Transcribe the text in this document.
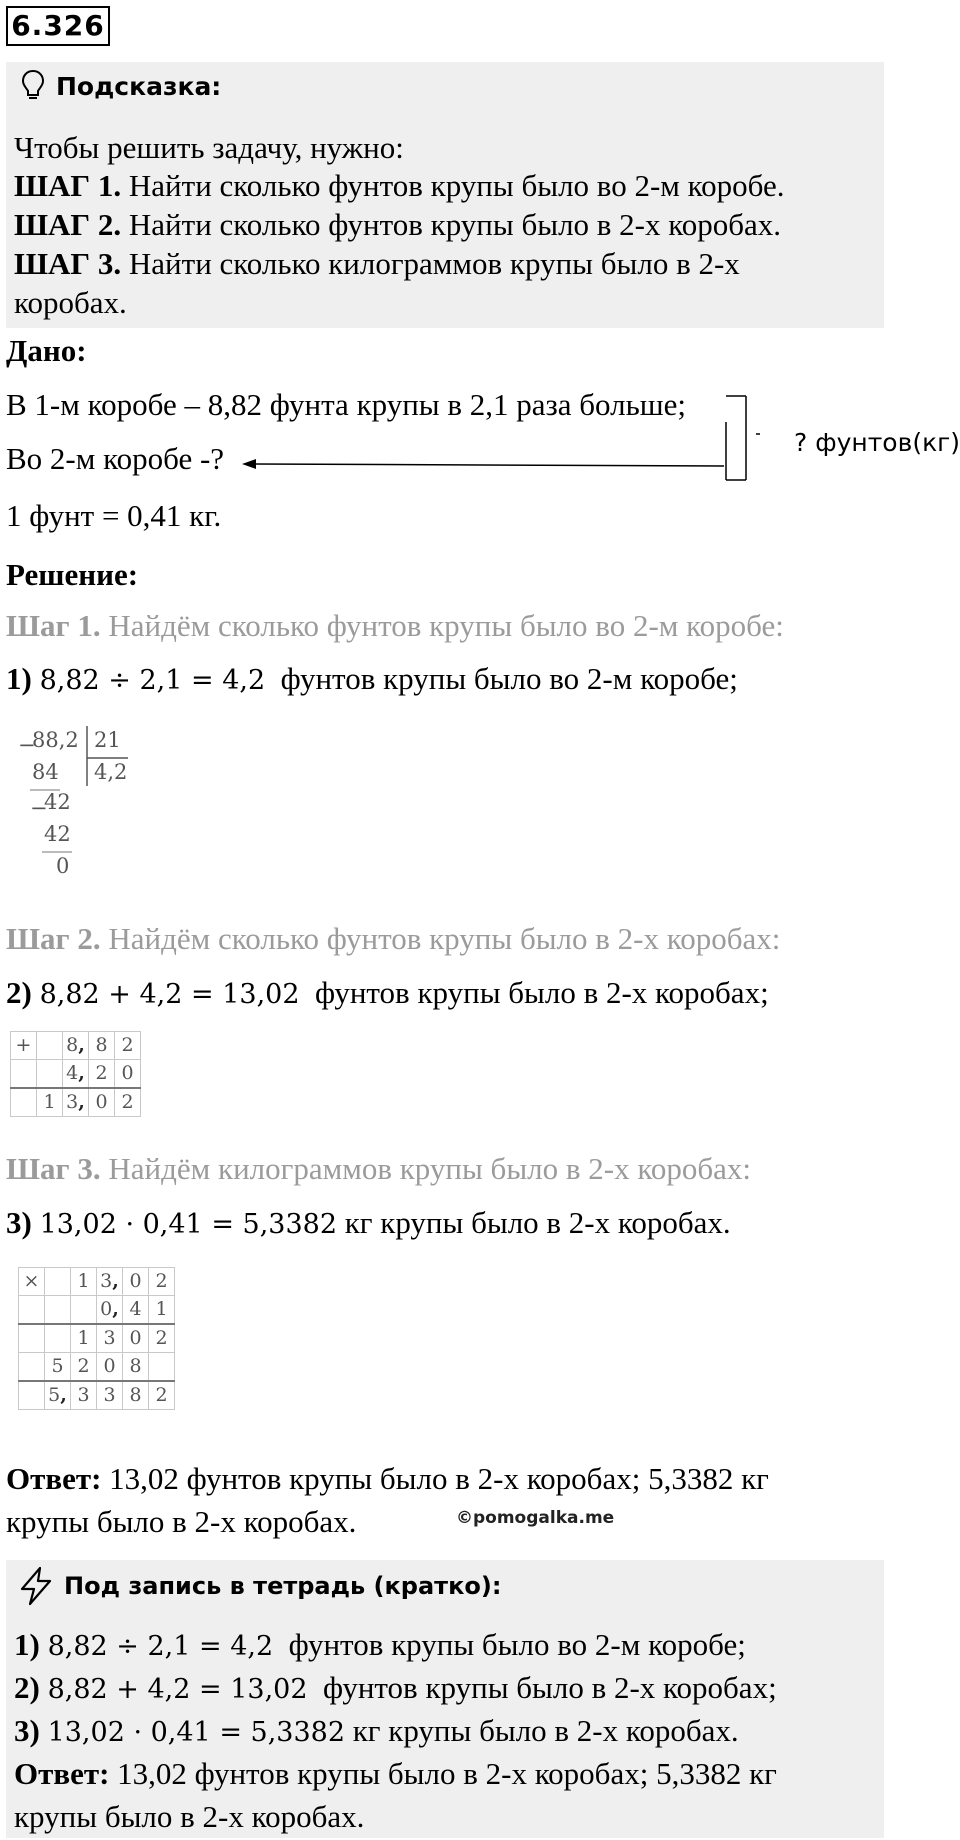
6.326
Подсказка:
Чтобы решить задачу, нужно:
ШАГ 1. Найти сколько фунтов крупы было во 2-м коробе.
ШАГ 2. Найти сколько фунтов крупы было в 2-х коробах.
ШАГ 3. Найти сколько килограммов крупы было в 2-х
коробах.
Дано:
В 1-м коробе – 8,82 фунта крупы в 2,1 раза больше;
Во 2-м коробе -?
1 фунт = 0,41 кг.
? фунтов(кг)
Решение:
Шаг 1. Найдём сколько фунтов крупы было во 2-м коробе:
1) 8,82 ÷ 2,1 = 4,2 фунтов крупы было во 2-м коробе;
−
88,2 21
4,2
84
−
42
42
0
Шаг 2. Найдём сколько фунтов крупы было в 2-х коробах:
2) 8,82 + 4,2 = 13,02 фунтов крупы было в 2-х коробах;
+		8,	8	2
		4,	2	0
	1	3,	0	2
Шаг 3. Найдём килограммов крупы было в 2-х коробах:
3) 13,02 · 0,41 = 5,3382 кг крупы было в 2-х коробах.
×		1	3,	0	2
			0,	4	1
		1	3	0	2
	5	2	0	8	
	5,	3	3	8	2
Ответ: 13,02 фунтов крупы было в 2-х коробах; 5,3382 кг
крупы было в 2-х коробах.	©pomogalka.me
Под запись в тетрадь (кратко):
1) 8,82 ÷ 2,1 = 4,2 фунтов крупы было во 2-м коробе;
2) 8,82 + 4,2 = 13,02 фунтов крупы было в 2-х коробах;
3) 13,02 · 0,41 = 5,3382 кг крупы было в 2-х коробах.
Ответ: 13,02 фунтов крупы было в 2-х коробах; 5,3382 кг
крупы было в 2-х коробах.
